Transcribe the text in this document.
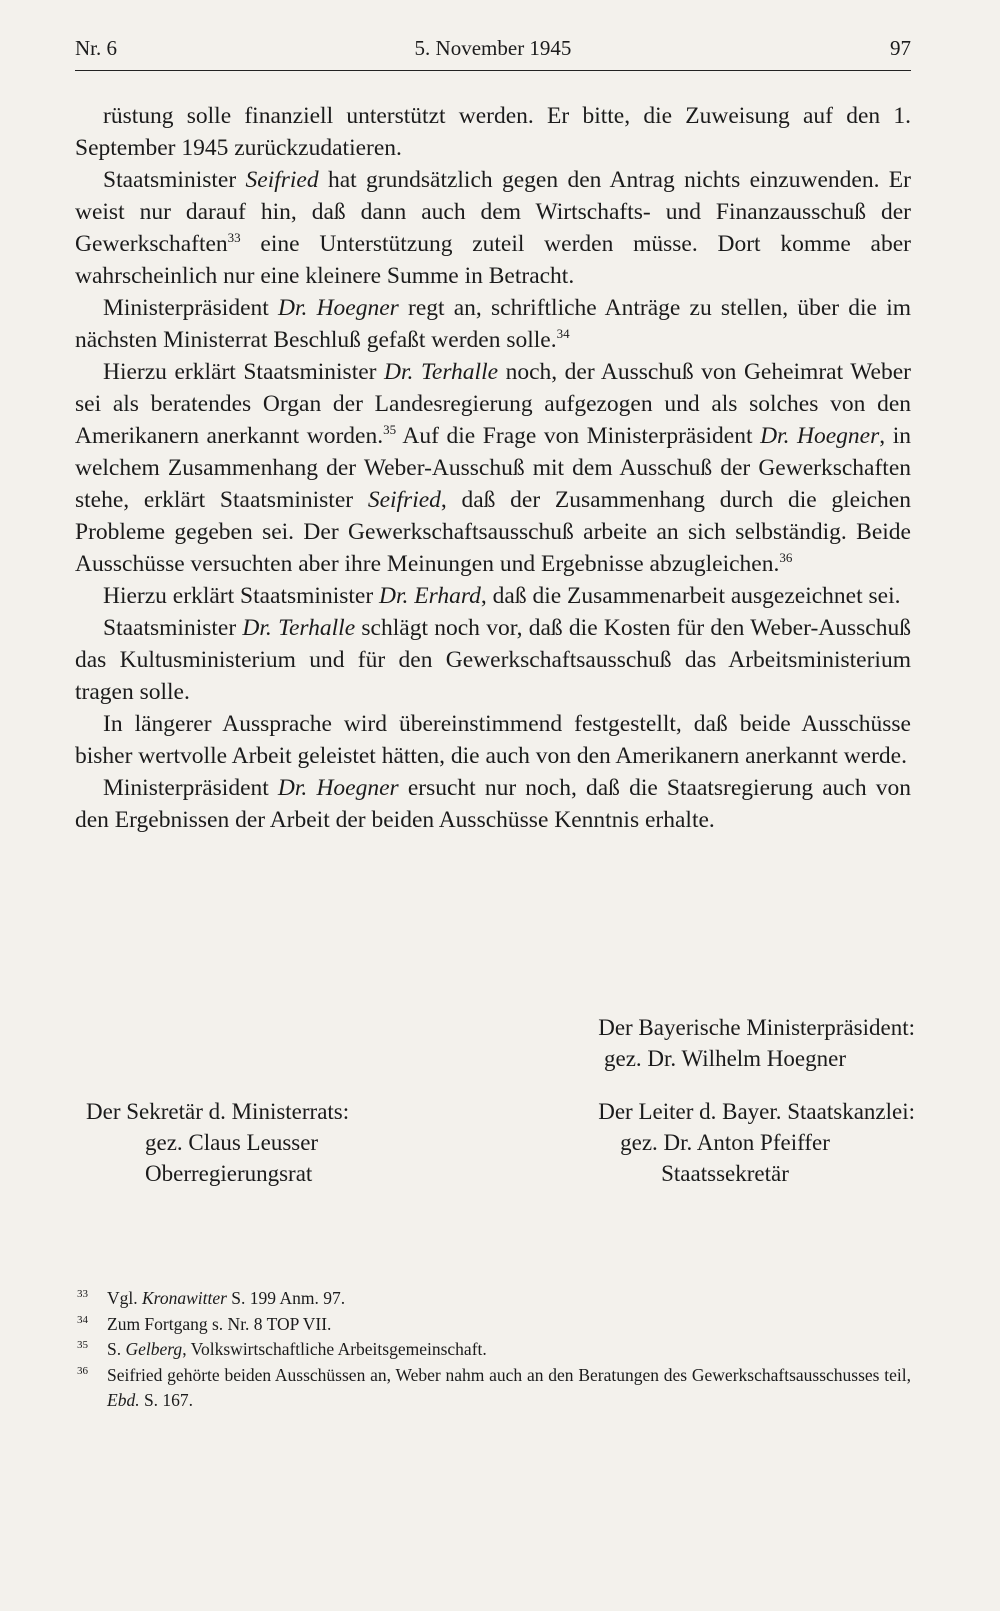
Nr. 6	5. November 1945	97

rüstung solle finanziell unterstützt werden. Er bitte, die Zuweisung auf den 1. September 1945 zurückzudatieren.

Staatsminister Seifried hat grundsätzlich gegen den Antrag nichts einzuwenden. Er weist nur darauf hin, daß dann auch dem Wirtschafts- und Finanzausschuß der Gewerkschaften$^{33}$ eine Unterstützung zuteil werden müsse. Dort komme aber wahrscheinlich nur eine kleinere Summe in Betracht.

Ministerpräsident Dr. Hoegner regt an, schriftliche Anträge zu stellen, über die im nächsten Ministerrat Beschluß gefaßt werden solle.$^{34}$

Hierzu erklärt Staatsminister Dr. Terhalle noch, der Ausschuß von Geheimrat Weber sei als beratendes Organ der Landesregierung aufgezogen und als solches von den Amerikanern anerkannt worden.$^{35}$ Auf die Frage von Ministerpräsident Dr. Hoegner, in welchem Zusammenhang der Weber-Ausschuß mit dem Ausschuß der Gewerkschaften stehe, erklärt Staatsminister Seifried, daß der Zusammenhang durch die gleichen Probleme gegeben sei. Der Gewerkschaftsausschuß arbeite an sich selbständig. Beide Ausschüsse versuchten aber ihre Meinungen und Ergebnisse abzugleichen.$^{36}$

Hierzu erklärt Staatsminister Dr. Erhard, daß die Zusammenarbeit ausgezeichnet sei.

Staatsminister Dr. Terhalle schlägt noch vor, daß die Kosten für den Weber-Ausschuß das Kultusministerium und für den Gewerkschaftsausschuß das Arbeitsministerium tragen solle.

In längerer Aussprache wird übereinstimmend festgestellt, daß beide Ausschüsse bisher wertvolle Arbeit geleistet hätten, die auch von den Amerikanern anerkannt werde.

Ministerpräsident Dr. Hoegner ersucht nur noch, daß die Staatsregierung auch von den Ergebnissen der Arbeit der beiden Ausschüsse Kenntnis erhalte.

Der Bayerische Ministerpräsident:
gez. Dr. Wilhelm Hoegner
Der Sekretär d. Ministerrats:
gez. Claus Leusser
Oberregierungsrat
Der Leiter d. Bayer. Staatskanzlei:
gez. Dr. Anton Pfeiffer
Staatssekretär
33 Vgl. Kronawitter S. 199 Anm. 97.
34 Zum Fortgang s. Nr. 8 TOP VII.
35 S. Gelberg, Volkswirtschaftliche Arbeitsgemeinschaft.
36 Seifried gehörte beiden Ausschüssen an, Weber nahm auch an den Beratungen des Gewerkschaftsausschusses teil, Ebd. S. 167.
